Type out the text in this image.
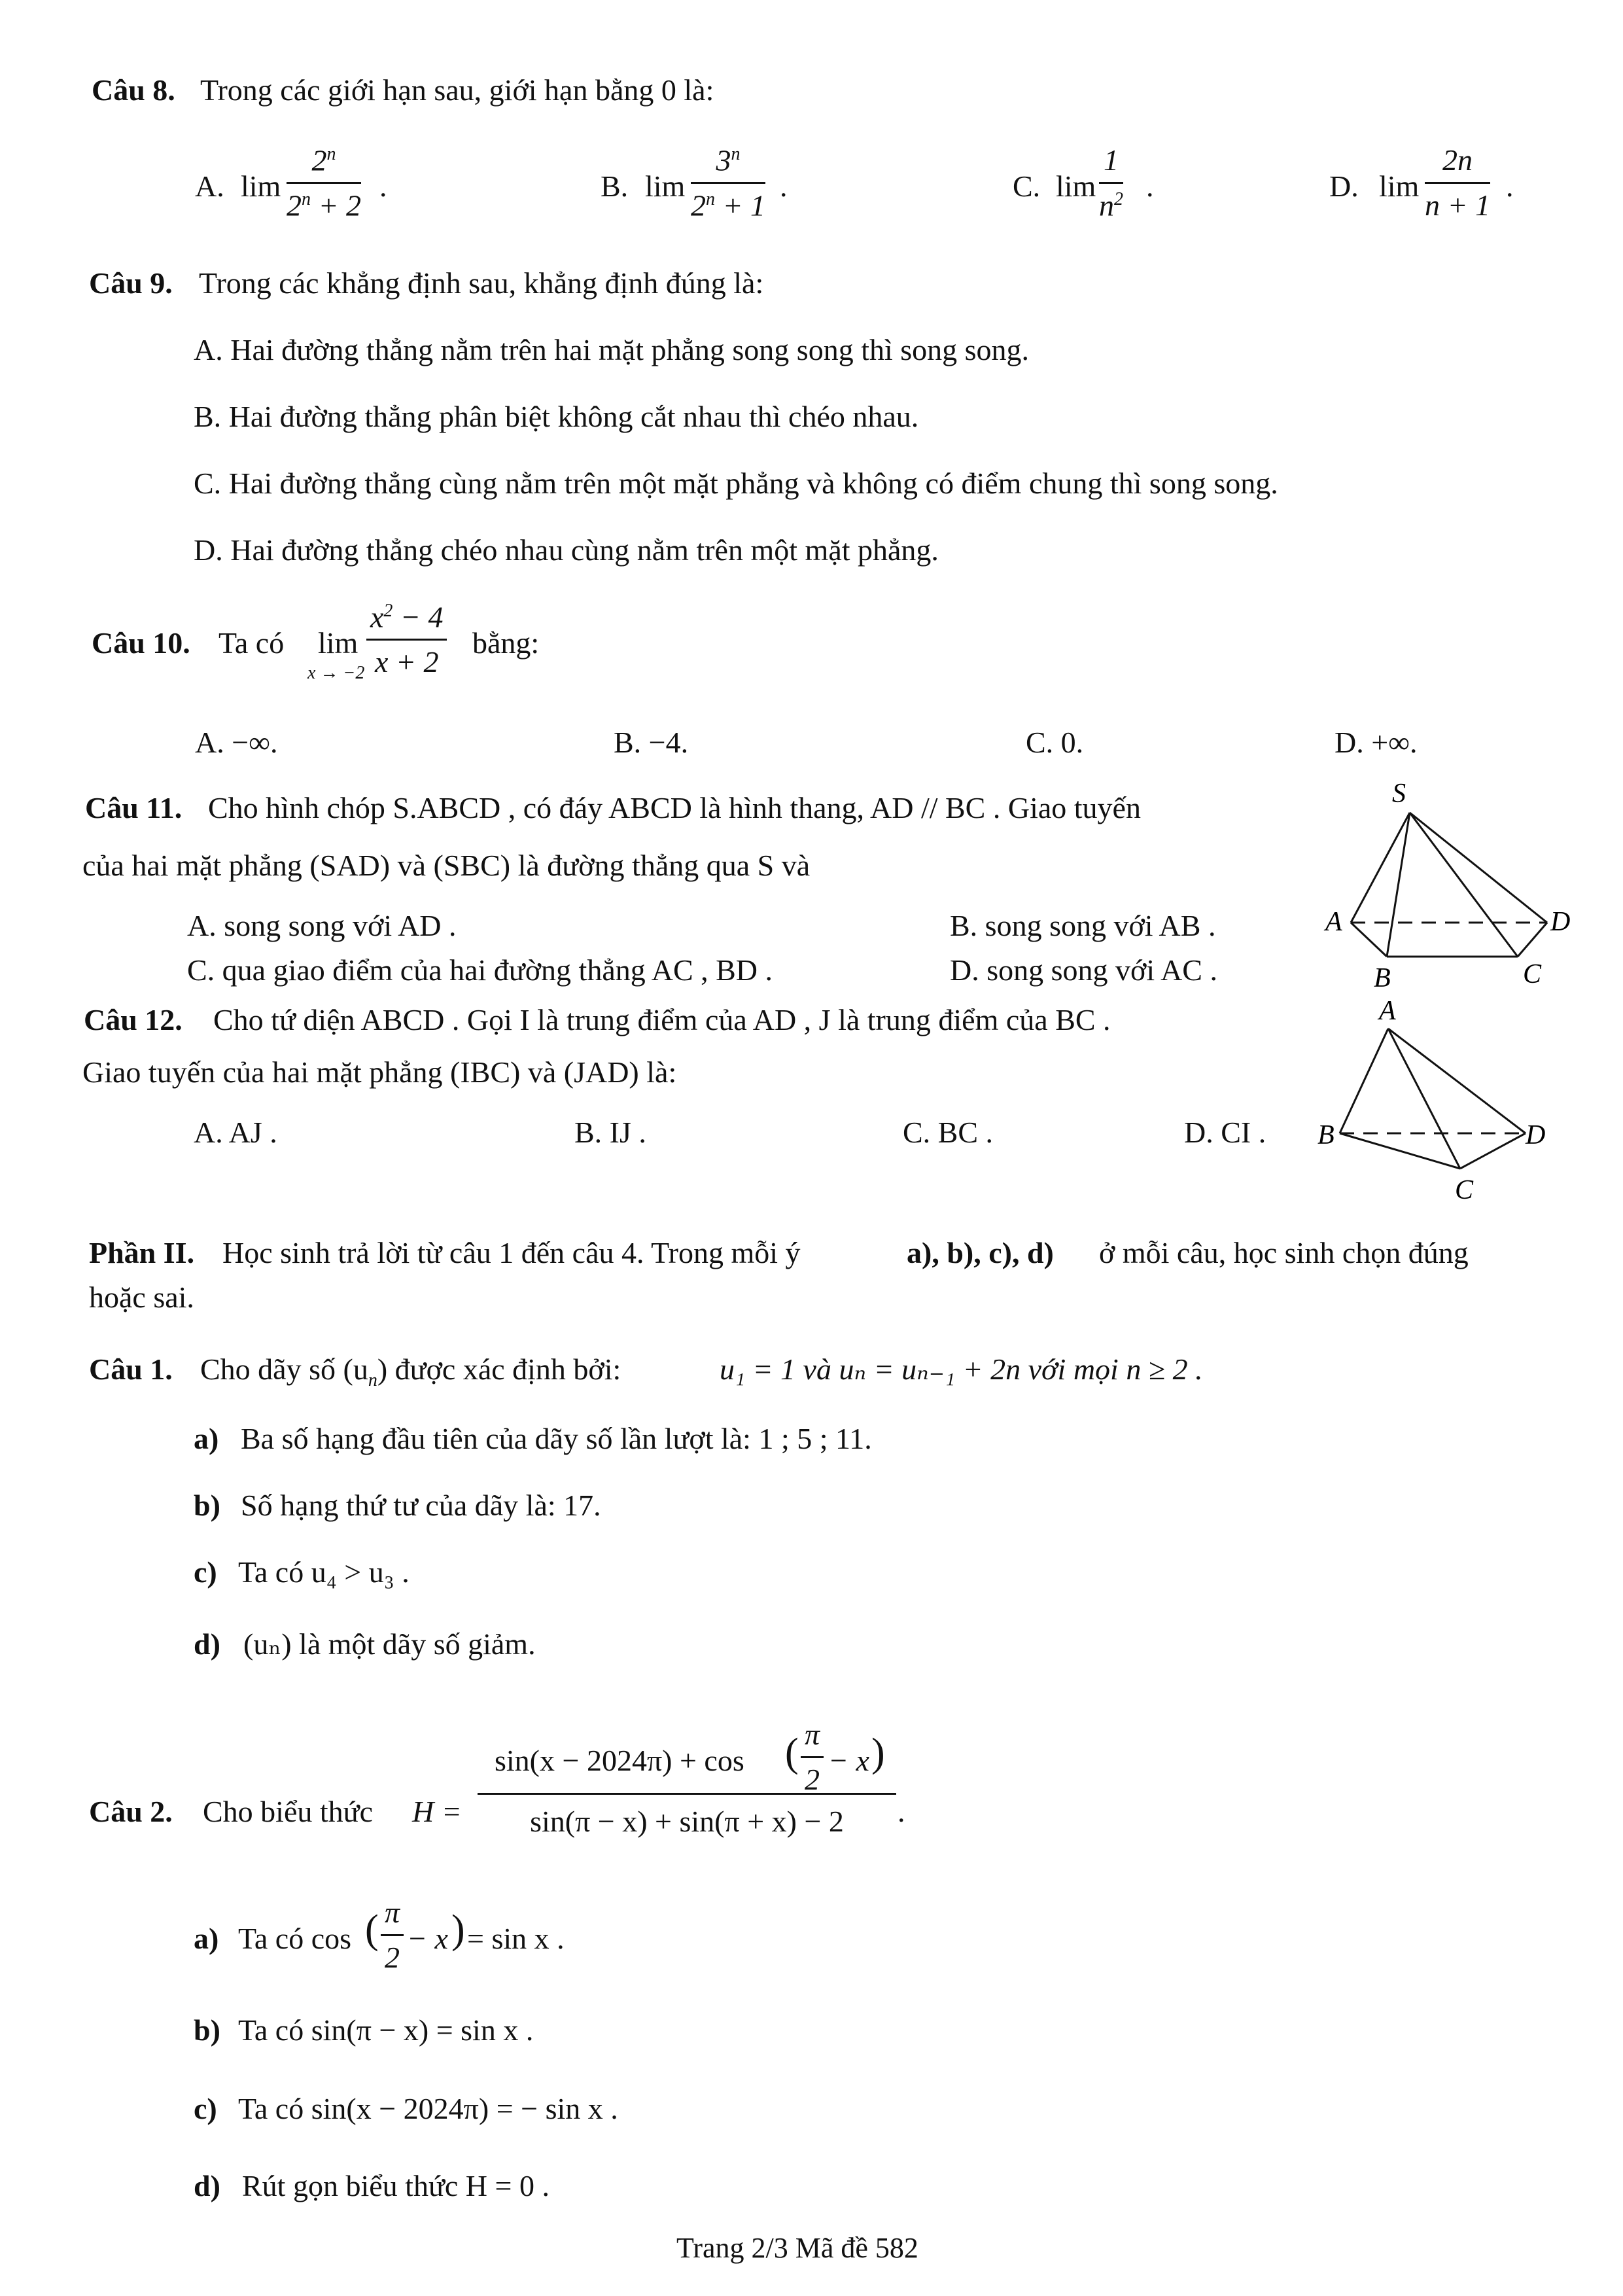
Câu 8. Trong các giới hạn sau, giới hạn bằng 0 là:
A. $\lim \frac{2^n}{2^n + 2}$ .	B. $\lim \frac{3^n}{2^n + 1}$ .	C. $\lim \frac{1}{n^2}$ .	D. $\lim \frac{2n}{n + 1}$ .
Câu 9. Trong các khẳng định sau, khẳng định đúng là:
A. Hai đường thẳng nằm trên hai mặt phẳng song song thì song song.
B. Hai đường thẳng phân biệt không cắt nhau thì chéo nhau.
C. Hai đường thẳng cùng nằm trên một mặt phẳng và không có điểm chung thì song song.
D. Hai đường thẳng chéo nhau cùng nằm trên một mặt phẳng.
Câu 10. Ta có lim
$x \to -2 \frac{x^2 - 4}{x + 2}$ bằng:
A. −∞.	B. −4.	C. 0.	D. +∞.
Câu 11. Cho hình chóp S.ABCD , có đáy ABCD là hình thang, AD // BC . Giao tuyến
của hai mặt phẳng (SAD) và (SBC) là đường thẳng qua S và
A. song song với AD .	B. song song với AB .
C. qua giao điểm của hai đường thẳng AC , BD .	D. song song với AC .
S
A
B	C
D
Câu 12. Cho tứ diện ABCD . Gọi I là trung điểm của AD , J là trung điểm của BC .
Giao tuyến của hai mặt phẳng (IBC) và (JAD) là:
A. AJ .	B. IJ .	C. BC .	D. CI .
A
B
C
D
Phần II. Học sinh trả lời từ câu 1 đến câu 4. Trong mỗi ý	a), b), c), d) ở mỗi câu, học sinh chọn đúng
hoặc sai.
Câu 1. Cho dãy số $(u_n)$ được xác định bởi:	u₁ = 1 và uₙ = uₙ₋₁ + 2n với mọi n ≥ 2 .
a) Ba số hạng đầu tiên của dãy số lần lượt là: 1 ; 5 ; 11.
b) Số hạng thứ tư của dãy là: 17.
c) Ta có u₄ > u₃ .
d) (uₙ) là một dãy số giảm.
Câu 2. Cho biểu thức H =
sin(x − 2024π) + cos ( $\frac{\pi}{2} - x$ )
sin(π − x) + sin(π + x) − 2	.
a) Ta có cos ( $\frac{\pi}{2} - x$ ) = sin x .
b) Ta có sin(π − x) = sin x .
c) Ta có sin(x − 2024π) = − sin x .
d) Rút gọn biểu thức H = 0 .
Trang 2/3 Mã đề 582
